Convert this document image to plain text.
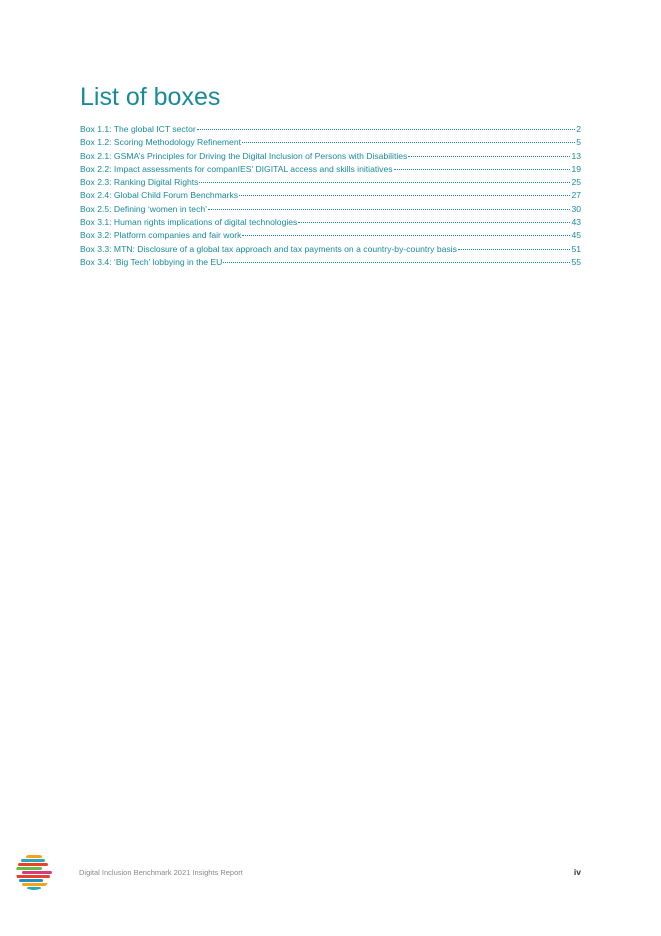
List of boxes
Box 1.1: The global ICT sector	2
Box 1.2: Scoring Methodology Refinement	5
Box 2.1: GSMA’s Principles for Driving the Digital Inclusion of Persons with Disabilities	13
Box 2.2: Impact assessments for companIES’ DIGITAL access and skills initiatives	19
Box 2.3: Ranking Digital Rights	25
Box 2.4: Global Child Forum Benchmarks	27
Box 2.5: Defining ‘women in tech’	30
Box 3.1: Human rights implications of digital technologies	43
Box 3.2: Platform companies and fair work	45
Box 3.3: MTN: Disclosure of a global tax approach and tax payments on a country-by-country basis	51
Box 3.4: ‘Big Tech’ lobbying in the EU	55
Digital Inclusion Benchmark 2021 Insights Report	iv
